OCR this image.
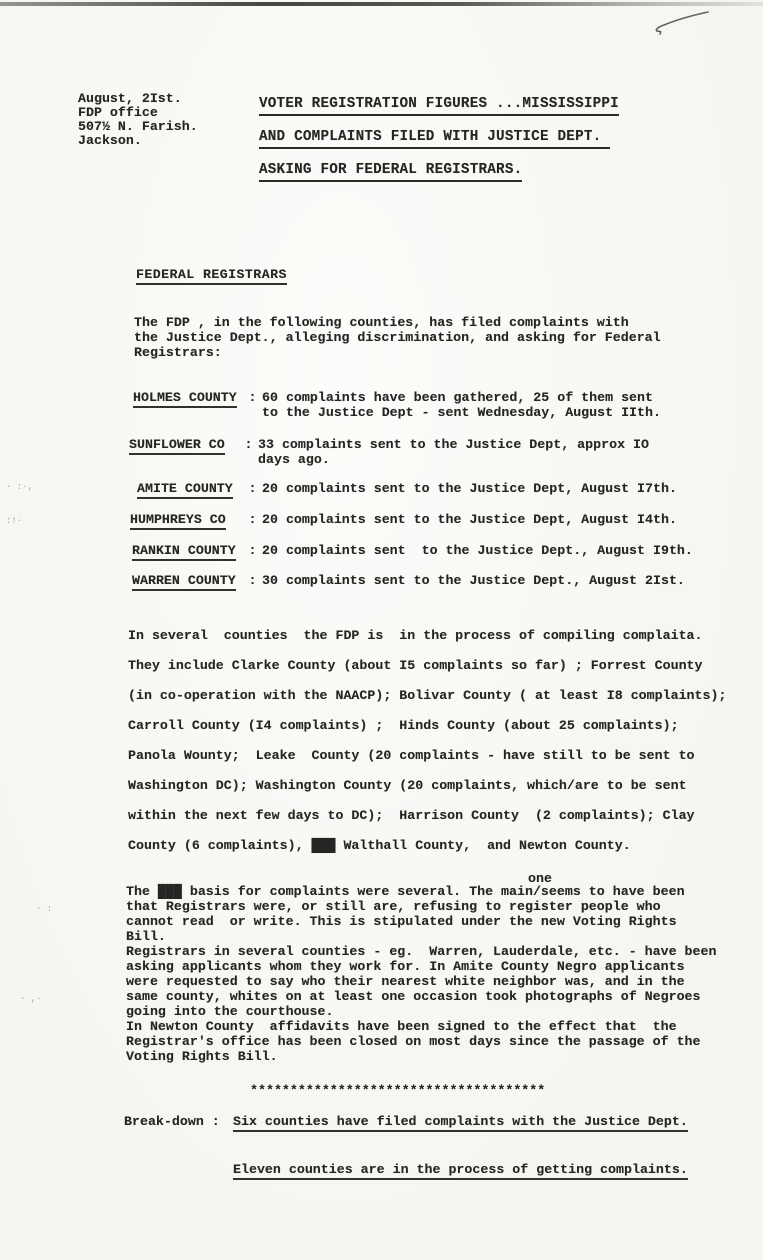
August, 2Ist.
FDP office
507½ N. Farish.
Jackson.
VOTER REGISTRATION FIGURES ...MISSISSIPPI
AND COMPLAINTS FILED WITH JUSTICE DEPT.
ASKING FOR FEDERAL REGISTRARS.
FEDERAL REGISTRARS
The FDP , in the following counties, has filed complaints with
the Justice Dept., alleging discrimination, and asking for Federal
Registrars:
HOLMES COUNTY : 60 complaints have been gathered, 25 of them sent
to the Justice Dept - sent Wednesday, August IIth.
SUNFLOWER CO	: 33 complaints sent to the Justice Dept, approx IO
days ago.
AMITE COUNTY	: 20 complaints sent to the Justice Dept, August I7th.
HUMPHREYS CO	: 20 complaints sent to the Justice Dept, August I4th.
RANKIN COUNTY : 20 complaints sent  to the Justice Dept., August I9th.
WARREN COUNTY : 30 complaints sent to the Justice Dept., August 2Ist.
In several  counties  the FDP is  in the process of compiling complaita.
They include Clarke County (about I5 complaints so far) ; Forrest County
(in co-operation with the NAACP); Bolivar County ( at least I8 complaints);
Carroll County (I4 complaints) ;  Hinds County (about 25 complaints);
Panola Wounty;  Leake  County (20 complaints - have still to be sent to
Washington DC); Washington County (20 complaints, which/are to be sent
within the next few days to DC);  Harrison County  (2 complaints); Clay
County (6 complaints), ███ Walthall County,  and Newton County.
one
The ███ basis for complaints were several. The main/seems to have been
that Registrars were, or still are, refusing to register people who
cannot read  or write. This is stipulated under the new Voting Rights
Bill.
Registrars in several counties - eg.  Warren, Lauderdale, etc. - have been
asking applicants whom they work for. In Amite County Negro applicants
were requested to say who their nearest white neighbor was, and in the
same county, whites on at least one occasion took photographs of Negroes
going into the courthouse.
In Newton County  affidavits have been signed to the effect that  the
Registrar's office has been closed on most days since the passage of the
Voting Rights Bill.
*************************************
Break-down : Six counties have filed complaints with the Justice Dept.
Eleven counties are in the process of getting complaints.
· :·,
:!·
· ,·
· :
